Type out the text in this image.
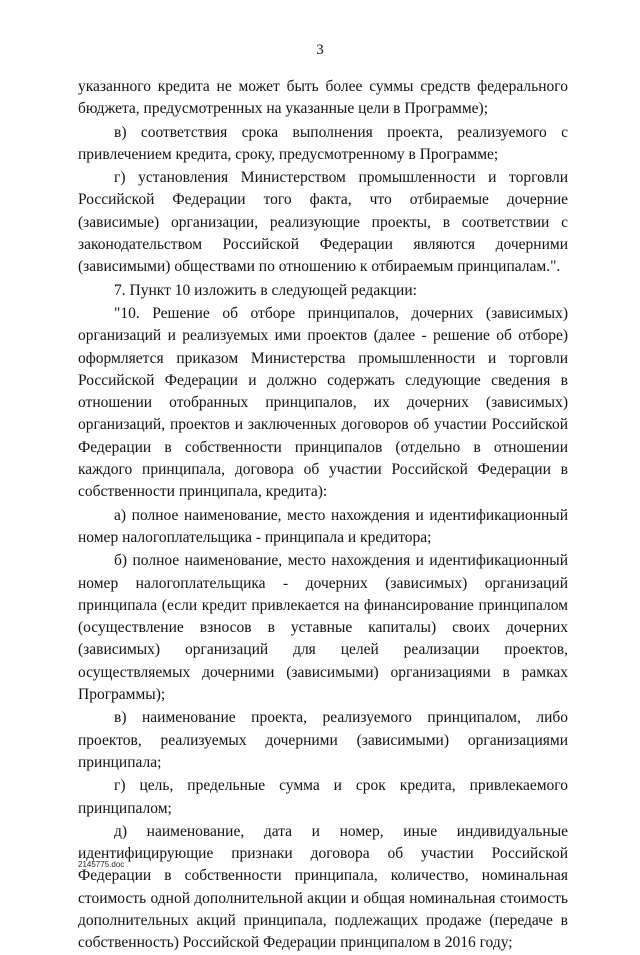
3

указанного кредита не может быть более суммы средств федерального бюджета, предусмотренных на указанные цели в Программе);

в) соответствия срока выполнения проекта, реализуемого с привлечением кредита, сроку, предусмотренному в Программе;

г) установления Министерством промышленности и торговли Российской Федерации того факта, что отбираемые дочерние (зависимые) организации, реализующие проекты, в соответствии с законодательством Российской Федерации являются дочерними (зависимыми) обществами по отношению к отбираемым принципалам.".

7. Пункт 10 изложить в следующей редакции:

"10. Решение об отборе принципалов, дочерних (зависимых) организаций и реализуемых ими проектов (далее - решение об отборе) оформляется приказом Министерства промышленности и торговли Российской Федерации и должно содержать следующие сведения в отношении отобранных принципалов, их дочерних (зависимых) организаций, проектов и заключенных договоров об участии Российской Федерации в собственности принципалов (отдельно в отношении каждого принципала, договора об участии Российской Федерации в собственности принципала, кредита):

а) полное наименование, место нахождения и идентификационный номер налогоплательщика - принципала и кредитора;

б) полное наименование, место нахождения и идентификационный номер налогоплательщика - дочерних (зависимых) организаций принципала (если кредит привлекается на финансирование принципалом (осуществление взносов в уставные капиталы) своих дочерних (зависимых) организаций для целей реализации проектов, осуществляемых дочерними (зависимыми) организациями в рамках Программы);

в) наименование проекта, реализуемого принципалом, либо проектов, реализуемых дочерними (зависимыми) организациями принципала;

г) цель, предельные сумма и срок кредита, привлекаемого принципалом;

д) наименование, дата и номер, иные индивидуальные идентифицирующие признаки договора об участии Российской Федерации в собственности принципала, количество, номинальная стоимость одной дополнительной акции и общая номинальная стоимость дополнительных акций принципала, подлежащих продаже (передаче в собственность) Российской Федерации принципалом в 2016 году;

2145775.doc
